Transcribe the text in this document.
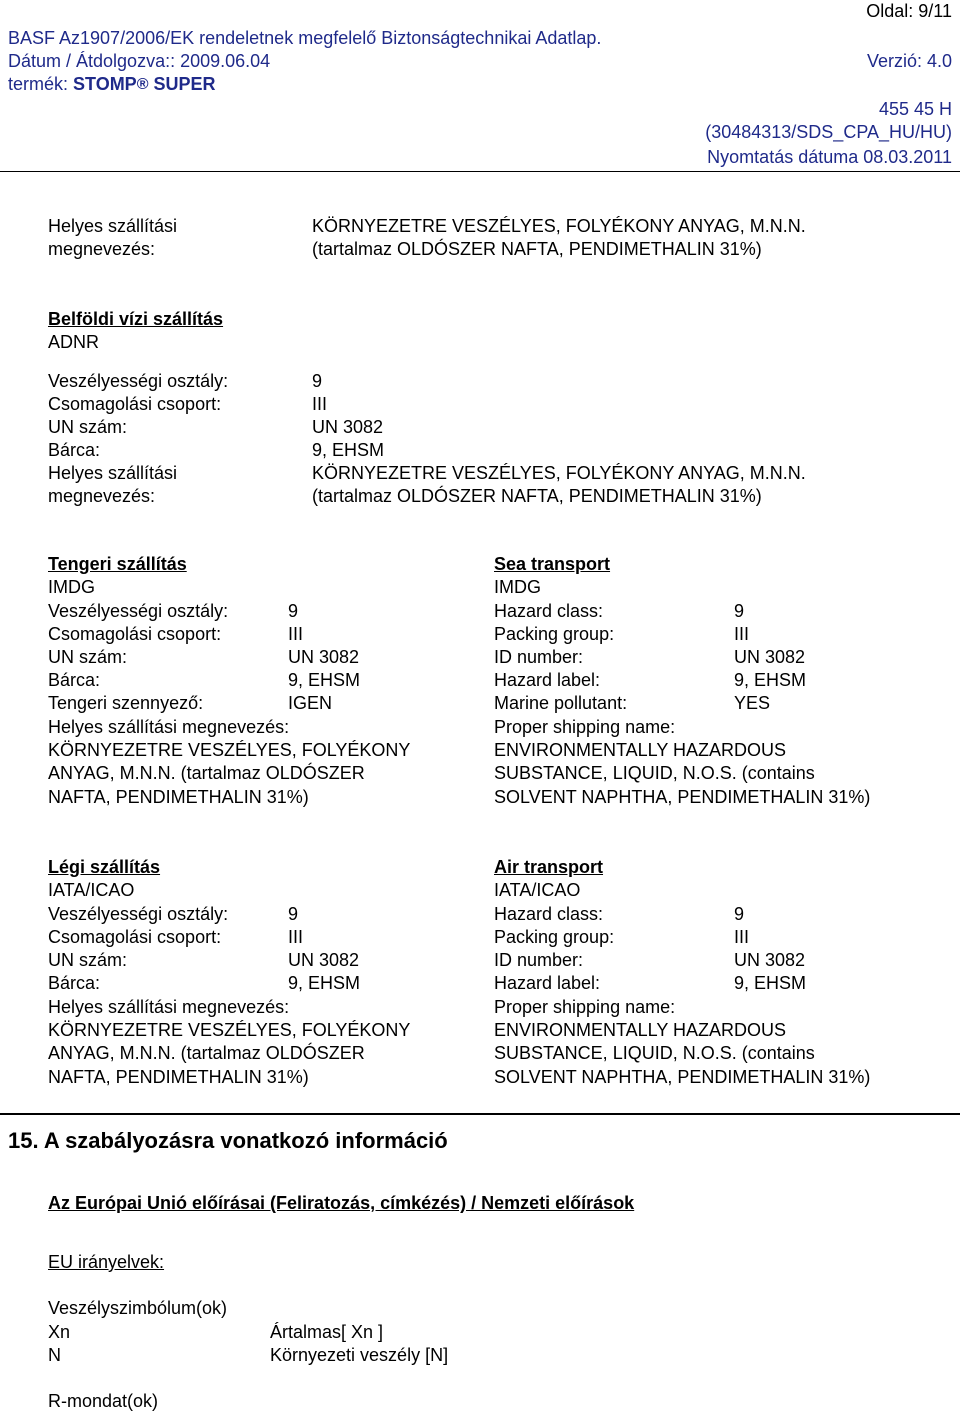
Oldal: 9/11
BASF Az1907/2006/EK rendeletnek megfelelő Biztonságtechnikai Adatlap.
Dátum / Átdolgozva:: 2009.06.04	Verzió: 4.0
termék: STOMP® SUPER
455 45 H
(30484313/SDS_CPA_HU/HU)
Nyomtatás dátuma 08.03.2011
Helyes szállítási
megnevezés:
KÖRNYEZETRE VESZÉLYES, FOLYÉKONY ANYAG, M.N.N.
(tartalmaz OLDÓSZER NAFTA, PENDIMETHALIN 31%)
Belföldi vízi szállítás
ADNR
Veszélyességi osztály:	9
Csomagolási csoport:	III
UN szám:	UN 3082
Bárca:	9, EHSM
Helyes szállítási
megnevezés:
KÖRNYEZETRE VESZÉLYES, FOLYÉKONY ANYAG, M.N.N.
(tartalmaz OLDÓSZER NAFTA, PENDIMETHALIN 31%)
Tengeri szállítás
IMDG
Veszélyességi osztály:	9
Csomagolási csoport:	III
UN szám:	UN 3082
Bárca:	9, EHSM
Tengeri szennyező:	IGEN
Helyes szállítási megnevezés:
KÖRNYEZETRE VESZÉLYES, FOLYÉKONY
ANYAG, M.N.N. (tartalmaz OLDÓSZER
NAFTA, PENDIMETHALIN 31%)
Sea transport
IMDG
Hazard class:	9
Packing group:	III
ID number:	UN 3082
Hazard label:	9, EHSM
Marine pollutant:	YES
Proper shipping name:
ENVIRONMENTALLY HAZARDOUS
SUBSTANCE, LIQUID, N.O.S. (contains
SOLVENT NAPHTHA, PENDIMETHALIN 31%)
Légi szállítás
IATA/ICAO
Veszélyességi osztály:	9
Csomagolási csoport:	III
UN szám:	UN 3082
Bárca:	9, EHSM
Helyes szállítási megnevezés:
KÖRNYEZETRE VESZÉLYES, FOLYÉKONY
ANYAG, M.N.N. (tartalmaz OLDÓSZER
NAFTA, PENDIMETHALIN 31%)
Air transport
IATA/ICAO
Hazard class:	9
Packing group:	III
ID number:	UN 3082
Hazard label:	9, EHSM
Proper shipping name:
ENVIRONMENTALLY HAZARDOUS
SUBSTANCE, LIQUID, N.O.S. (contains
SOLVENT NAPHTHA, PENDIMETHALIN 31%)
15. A szabályozásra vonatkozó információ
Az Európai Unió előírásai (Feliratozás, címkézés) / Nemzeti előírások
EU irányelvek:
Veszélyszimbólum(ok)
Xn	Ártalmas[ Xn ]
N	Környezeti veszély [N]
R-mondat(ok)
